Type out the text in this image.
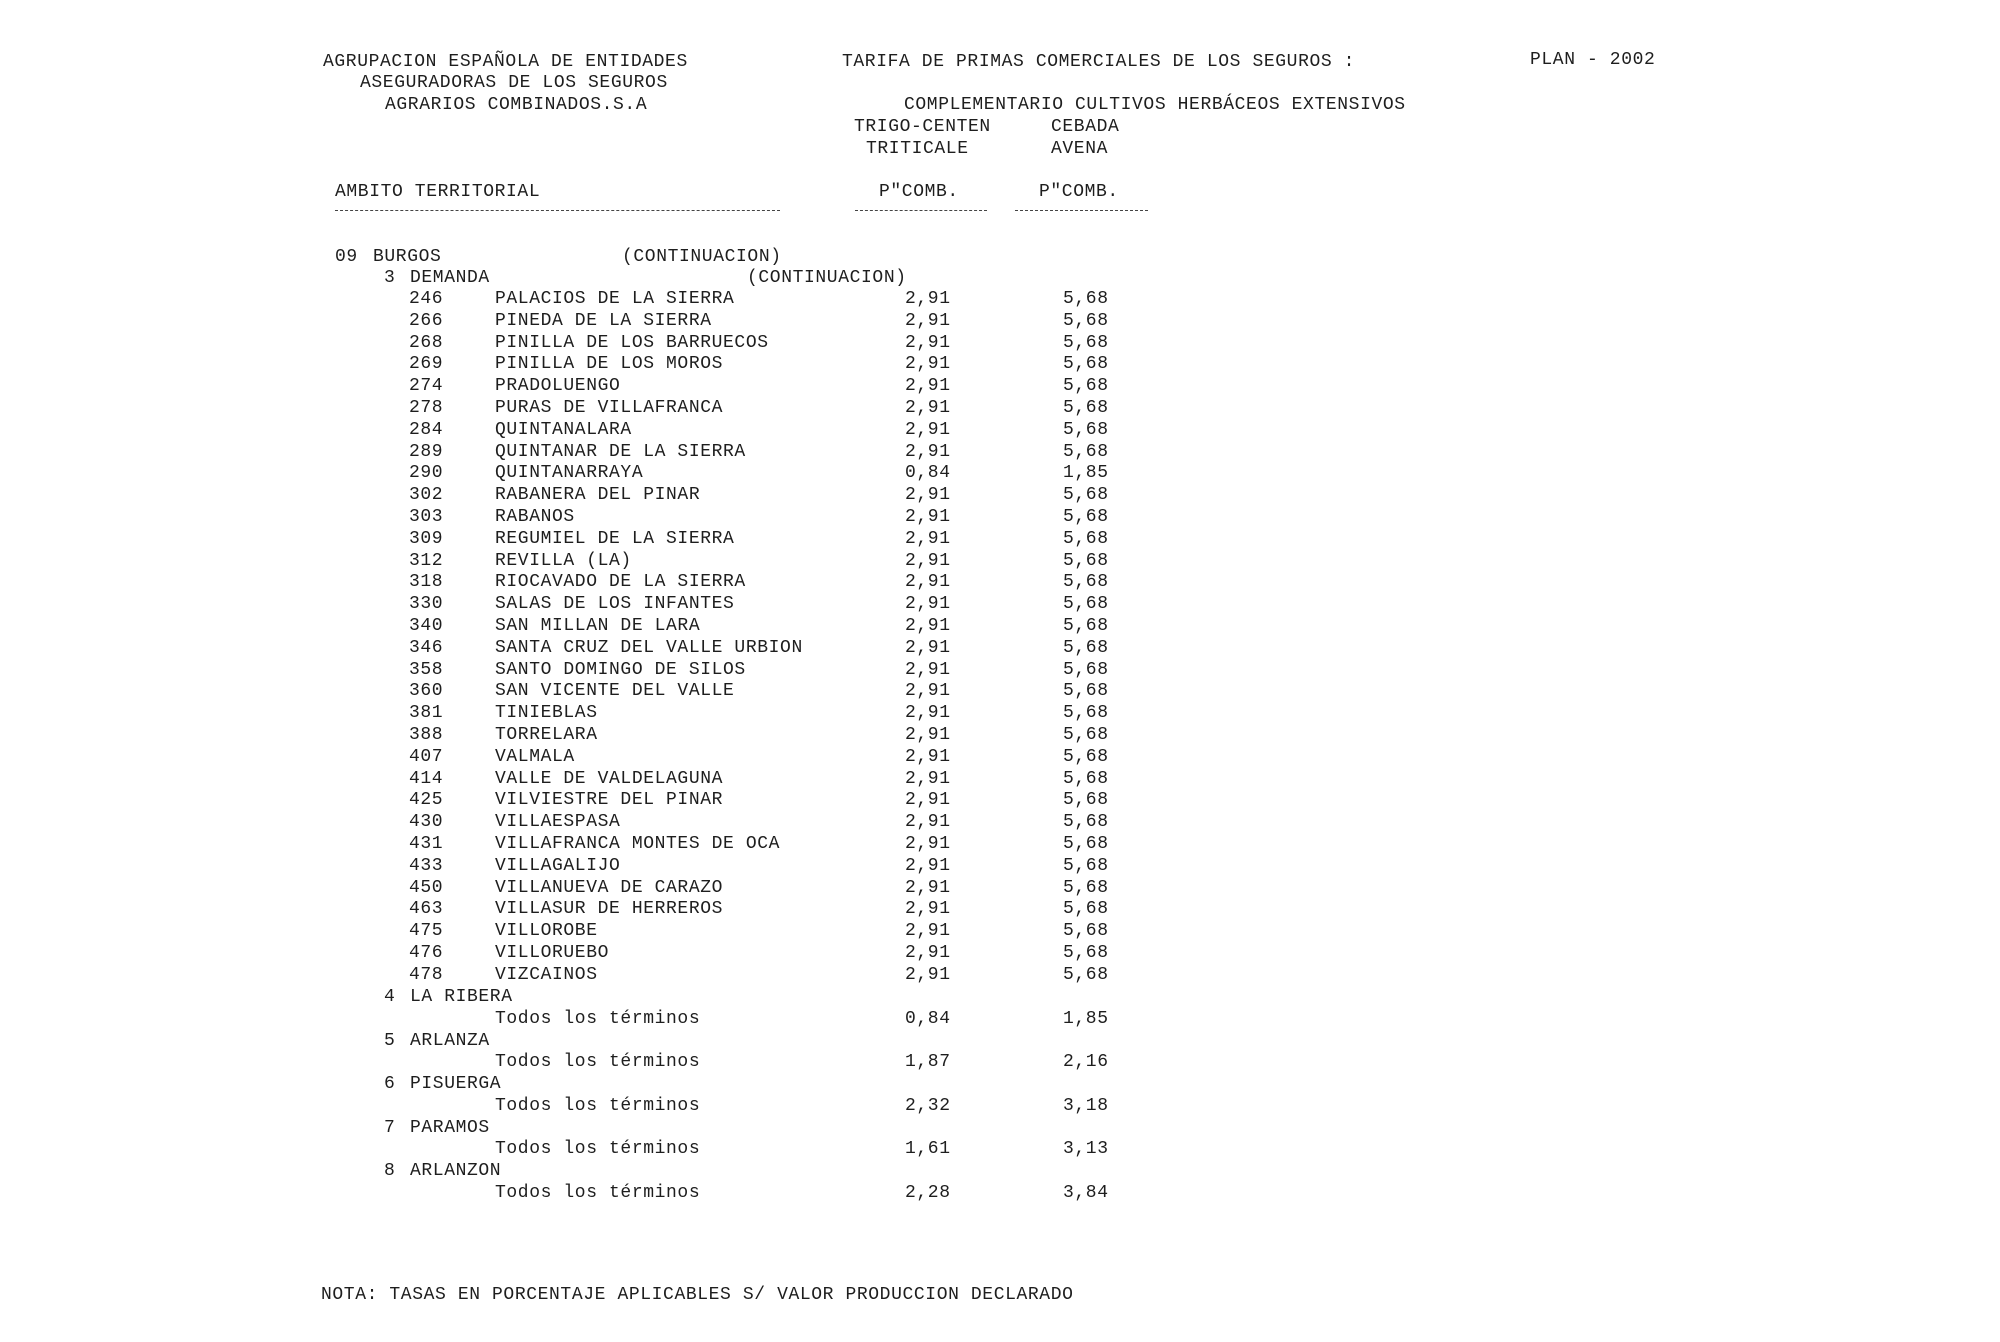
AGRUPACION ESPAÑOLA DE ENTIDADES
ASEGURADORAS DE LOS SEGUROS
AGRARIOS COMBINADOS.S.A
TARIFA DE PRIMAS COMERCIALES DE LOS SEGUROS :	PLAN - 2002
COMPLEMENTARIO CULTIVOS HERBÁCEOS EXTENSIVOS
TRIGO-CENTEN	CEBADA
TRITICALE	AVENA
AMBITO TERRITORIAL	P"COMB.	P"COMB.
09 BURGOS	(CONTINUACION)
3 DEMANDA	(CONTINUACION)
246	PALACIOS DE LA SIERRA	2,91	5,68
266	PINEDA DE LA SIERRA	2,91	5,68
268	PINILLA DE LOS BARRUECOS	2,91	5,68
269	PINILLA DE LOS MOROS	2,91	5,68
274	PRADOLUENGO	2,91	5,68
278	PURAS DE VILLAFRANCA	2,91	5,68
284	QUINTANALARA	2,91	5,68
289	QUINTANAR DE LA SIERRA	2,91	5,68
290	QUINTANARRAYA	0,84	1,85
302	RABANERA DEL PINAR	2,91	5,68
303	RABANOS	2,91	5,68
309	REGUMIEL DE LA SIERRA	2,91	5,68
312	REVILLA (LA)	2,91	5,68
318	RIOCAVADO DE LA SIERRA	2,91	5,68
330	SALAS DE LOS INFANTES	2,91	5,68
340	SAN MILLAN DE LARA	2,91	5,68
346	SANTA CRUZ DEL VALLE URBION	2,91	5,68
358	SANTO DOMINGO DE SILOS	2,91	5,68
360	SAN VICENTE DEL VALLE	2,91	5,68
381	TINIEBLAS	2,91	5,68
388	TORRELARA	2,91	5,68
407	VALMALA	2,91	5,68
414	VALLE DE VALDELAGUNA	2,91	5,68
425	VILVIESTRE DEL PINAR	2,91	5,68
430	VILLAESPASA	2,91	5,68
431	VILLAFRANCA MONTES DE OCA	2,91	5,68
433	VILLAGALIJO	2,91	5,68
450	VILLANUEVA DE CARAZO	2,91	5,68
463	VILLASUR DE HERREROS	2,91	5,68
475	VILLOROBE	2,91	5,68
476	VILLORUEBO	2,91	5,68
478	VIZCAINOS	2,91	5,68
4 LA RIBERA
Todos los términos	0,84	1,85
5 ARLANZA
Todos los términos	1,87	2,16
6 PISUERGA
Todos los términos	2,32	3,18
7 PARAMOS
Todos los términos	1,61	3,13
8 ARLANZON
Todos los términos	2,28	3,84
NOTA: TASAS EN PORCENTAJE APLICABLES S/ VALOR PRODUCCION DECLARADO
